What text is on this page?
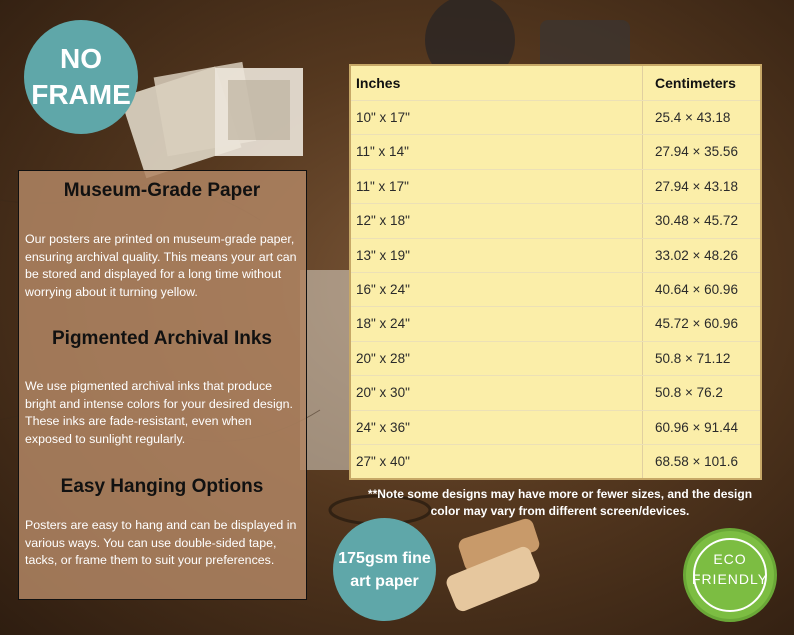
NO
FRAME
Museum-Grade Paper
Our posters are printed on museum-grade paper, ensuring archival quality. This means your art can be stored and displayed for a long time without worrying about it turning yellow.
Pigmented Archival Inks
We use pigmented archival inks that produce bright and intense colors for your desired design. These inks are fade-resistant, even when exposed to sunlight regularly.
Easy Hanging Options
Posters are easy to hang and can be displayed in various ways. You can use double-sided tape, tacks, or frame them to suit your preferences.
Inches	Centimeters
10" x 17"	25.4 × 43.18
11" x 14"	27.94 × 35.56
11" x 17"	27.94 × 43.18
12" x 18"	30.48 × 45.72
13" x 19"	33.02 × 48.26
16" x 24"	40.64 × 60.96
18" x 24"	45.72 × 60.96
20" x 28"	50.8 × 71.12
20" x 30"	50.8 × 76.2
24" x 36"	60.96 × 91.44
27" x 40"	68.58 × 101.6
**Note some designs may have more or fewer sizes, and the design color may vary from different screen/devices.
175gsm fine
art paper
ECO
FRIENDLY
